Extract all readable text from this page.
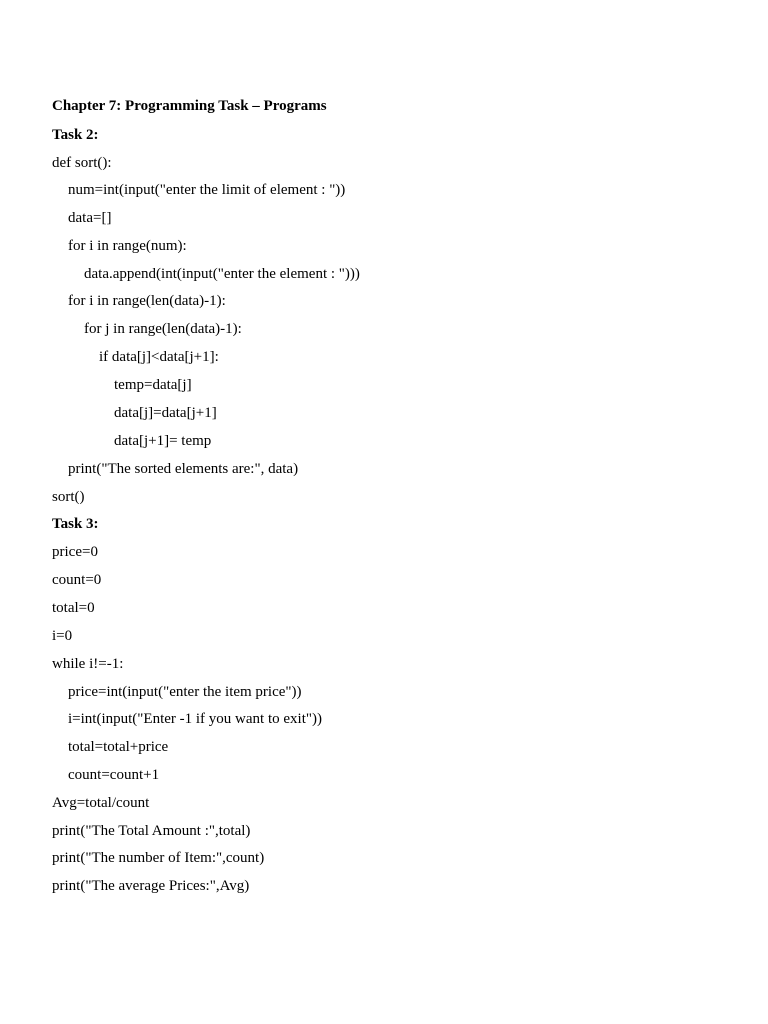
Chapter 7: Programming Task – Programs
Task 2:
def sort():
num=int(input("enter the limit of element : "))
data=[]
for i in range(num):
data.append(int(input("enter the element : ")))
for i in range(len(data)-1):
for j in range(len(data)-1):
if data[j]<data[j+1]:
temp=data[j]
data[j]=data[j+1]
data[j+1]= temp
print("The sorted elements are:", data)
sort()
Task 3:
price=0
count=0
total=0
i=0
while i!=-1:
price=int(input("enter the item price"))
i=int(input("Enter -1 if you want to exit"))
total=total+price
count=count+1
Avg=total/count
print("The Total Amount :",total)
print("The number of Item:",count)
print("The average Prices:",Avg)
